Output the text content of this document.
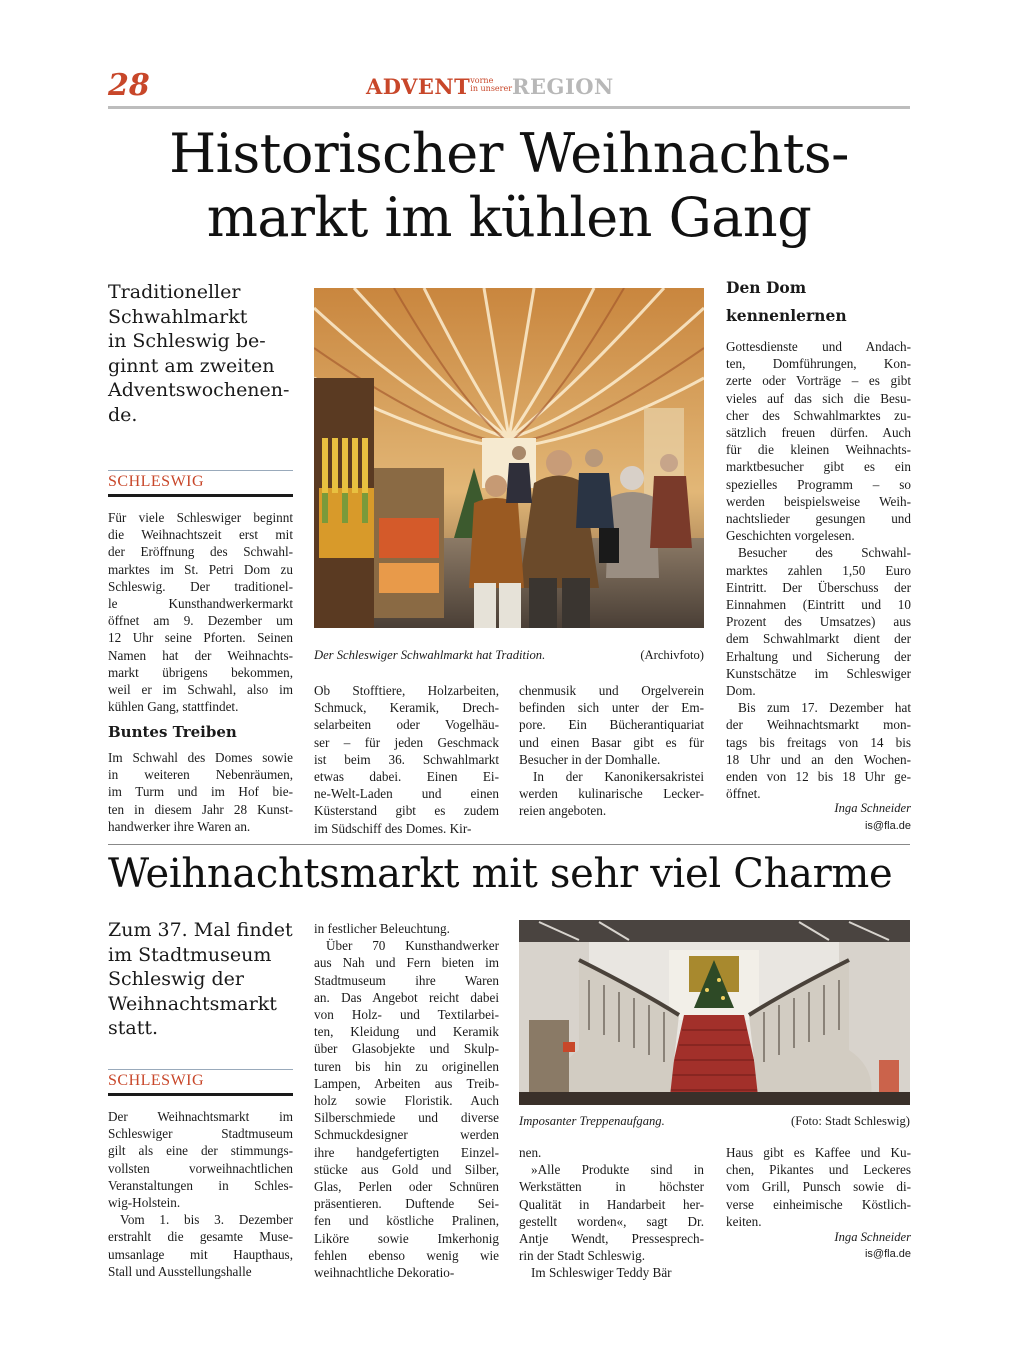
28	ADVENT vorne
in unserer REGION
Historischer Weihnachts-
markt im kühlen Gang
Traditioneller
Schwahlmarkt
in Schleswig be-
ginnt am zweiten
Adventswochenen-
de.
SCHLESWIG
Für viele Schleswiger beginnt
die Weihnachtszeit erst mit
der Eröffnung des Schwahl-
marktes im St. Petri Dom zu
Schleswig. Der traditionel-
le Kunsthandwerkermarkt
öffnet am 9. Dezember um
12 Uhr seine Pforten. Seinen
Namen hat der Weihnachts-
markt übrigens bekommen,
weil er im Schwahl, also im
kühlen Gang, stattfindet.
Buntes Treiben
Im Schwahl des Domes sowie
in weiteren Nebenräumen,
im Turm und im Hof bie-
ten in diesem Jahr 28 Kunst-
handwerker ihre Waren an.
Der Schleswiger Schwahlmarkt hat Tradition.	(Archivfoto)
Ob Stofftiere, Holzarbeiten,
Schmuck, Keramik, Drech-
selarbeiten oder Vogelhäu-
ser – für jeden Geschmack
ist beim 36. Schwahlmarkt
etwas dabei. Einen Ei-
ne-Welt-Laden und einen
Küsterstand gibt es zudem
im Südschiff des Domes. Kir-
chenmusik und Orgelverein
befinden sich unter der Em-
pore. Ein Bücherantiquariat
und einen Basar gibt es für
Besucher in der Domhalle.
In der Kanonikersakristei
werden kulinarische Lecker-
reien angeboten.
Den Dom
kennenlernen
Gottesdienste und Andach-
ten, Domführungen, Kon-
zerte oder Vorträge – es gibt
vieles auf das sich die Besu-
cher des Schwahlmarktes zu-
sätzlich freuen dürfen. Auch
für die kleinen Weihnachts-
marktbesucher gibt es ein
spezielles Programm – so
werden beispielsweise Weih-
nachtslieder gesungen und
Geschichten vorgelesen.
Besucher des Schwahl-
marktes zahlen 1,50 Euro
Eintritt. Der Überschuss der
Einnahmen (Eintritt und 10
Prozent des Umsatzes) aus
dem Schwahlmarkt dient der
Erhaltung und Sicherung der
Kunstschätze im Schleswiger
Dom.
Bis zum 17. Dezember hat
der Weihnachtsmarkt mon-
tags bis freitags von 14 bis
18 Uhr und an den Wochen-
enden von 12 bis 18 Uhr ge-
öffnet.
Inga Schneider
is@fla.de
Weihnachtsmarkt mit sehr viel Charme
Zum 37. Mal findet
im Stadtmuseum
Schleswig der
Weihnachtsmarkt
statt.
SCHLESWIG
Der Weihnachtsmarkt im
Schleswiger Stadtmuseum
gilt als eine der stimmungs-
vollsten vorweihnachtlichen
Veranstaltungen in Schles-
wig-Holstein.
Vom 1. bis 3. Dezember
erstrahlt die gesamte Muse-
umsanlage mit Haupthaus,
Stall und Ausstellungshalle
in festlicher Beleuchtung.
Über 70 Kunsthandwerker
aus Nah und Fern bieten im
Stadtmuseum ihre Waren
an. Das Angebot reicht dabei
von Holz- und Textilarbei-
ten, Kleidung und Keramik
über Glasobjekte und Skulp-
turen bis hin zu originellen
Lampen, Arbeiten aus Treib-
holz sowie Floristik. Auch
Silberschmiede und diverse
Schmuckdesigner werden
ihre handgefertigten Einzel-
stücke aus Gold und Silber,
Glas, Perlen oder Schnüren
präsentieren. Duftende Sei-
fen und köstliche Pralinen,
Liköre sowie Imkerhonig
fehlen ebenso wenig wie
weihnachtliche Dekoratio-
Imposanter Treppenaufgang.	(Foto: Stadt Schleswig)
nen.
»Alle Produkte sind in
Werkstätten in höchster
Qualität in Handarbeit her-
gestellt worden«, sagt Dr.
Antje Wendt, Pressesprech-
rin der Stadt Schleswig.
Im Schleswiger Teddy Bär
Haus gibt es Kaffee und Ku-
chen, Pikantes und Leckeres
vom Grill, Punsch sowie di-
verse einheimische Köstlich-
keiten.
Inga Schneider
is@fla.de
